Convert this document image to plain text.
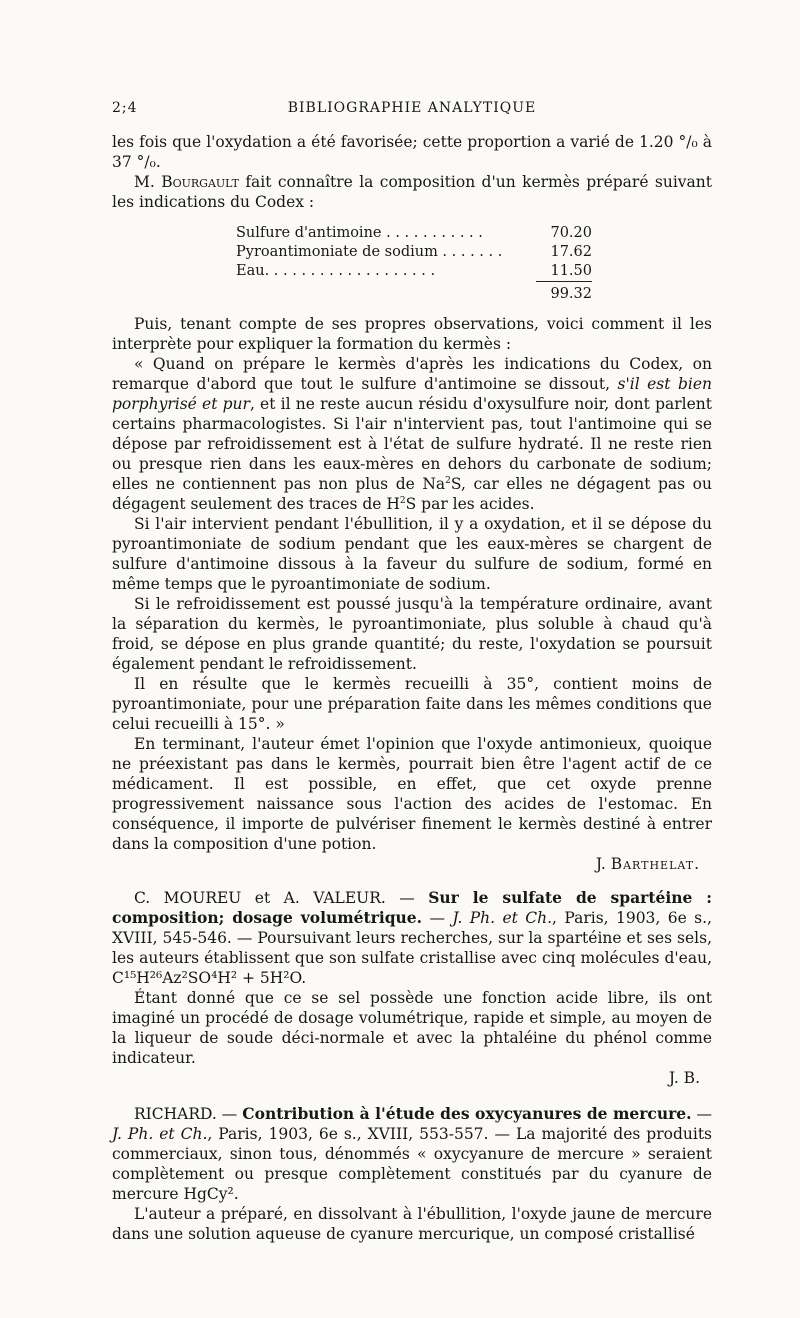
2;4	BIBLIOGRAPHIE ANALYTIQUE

les fois que l'oxydation a été favorisée; cette proportion a varié de 1.20 °/₀ à 37 °/₀.

M. Bourgault fait connaître la composition d'un kermès préparé suivant les indications du Codex :

Sulfure d'antimoine . . . . . . . . . . .	70.20
Pyroantimoniate de sodium . . . . . . .	17.62
Eau. . . . . . . . . . . . . . . . . . .	11.50
	99.32

Puis, tenant compte de ses propres observations, voici comment il les interprète pour expliquer la formation du kermès :

« Quand on prépare le kermès d'après les indications du Codex, on remarque d'abord que tout le sulfure d'antimoine se dissout, s'il est bien porphyrisé et pur, et il ne reste aucun résidu d'oxysulfure noir, dont parlent certains pharmacologistes. Si l'air n'intervient pas, tout l'antimoine qui se dépose par refroidissement est à l'état de sulfure hydraté. Il ne reste rien ou presque rien dans les eaux-mères en dehors du carbonate de sodium; elles ne contiennent pas non plus de Na$^2$S, car elles ne dégagent pas ou dégagent seulement des traces de $H^2S$ par les acides.

Si l'air intervient pendant l'ébullition, il y a oxydation, et il se dépose du pyroantimoniate de sodium pendant que les eaux-mères se chargent de sulfure d'antimoine dissous à la faveur du sulfure de sodium, formé en même temps que le pyroantimoniate de sodium.

Si le refroidissement est poussé jusqu'à la température ordinaire, avant la séparation du kermès, le pyroantimoniate, plus soluble à chaud qu'à froid, se dépose en plus grande quantité; du reste, l'oxydation se poursuit également pendant le refroidissement.

Il en résulte que le kermès recueilli à 35°, contient moins de pyroantimoniate, pour une préparation faite dans les mêmes conditions que celui recueilli à 15°. »

En terminant, l'auteur émet l'opinion que l'oxyde antimonieux, quoique ne préexistant pas dans le kermès, pourrait bien être l'agent actif de ce médicament. Il est possible, en effet, que cet oxyde prenne progressivement naissance sous l'action des acides de l'estomac. En conséquence, il importe de pulvériser finement le kermès destiné à entrer dans la composition d'une potion.

J. Barthelat.

C. MOUREU et A. VALEUR. — Sur le sulfate de spartéine : composition; dosage volumétrique. — J. Ph. et Ch., Paris, 1903, 6e s., XVIII, 545-546. — Poursuivant leurs recherches, sur la spartéine et ses sels, les auteurs établissent que son sulfate cristallise avec cinq molécules d'eau, C¹⁵H²⁶Az²SO⁴H² + 5H²O.

Étant donné que ce se sel possède une fonction acide libre, ils ont imaginé un procédé de dosage volumétrique, rapide et simple, au moyen de la liqueur de soude déci-normale et avec la phtaléine du phénol comme indicateur.

J. B.

RICHARD. — Contribution à l'étude des oxycyanures de mercure. — J. Ph. et Ch., Paris, 1903, 6e s., XVIII, 553-557. — La majorité des produits commerciaux, sinon tous, dénommés « oxycyanure de mercure » seraient complètement ou presque complètement constitués par du cyanure de mercure HgCy².

L'auteur a préparé, en dissolvant à l'ébullition, l'oxyde jaune de mercure dans une solution aqueuse de cyanure mercurique, un composé cristallisé
